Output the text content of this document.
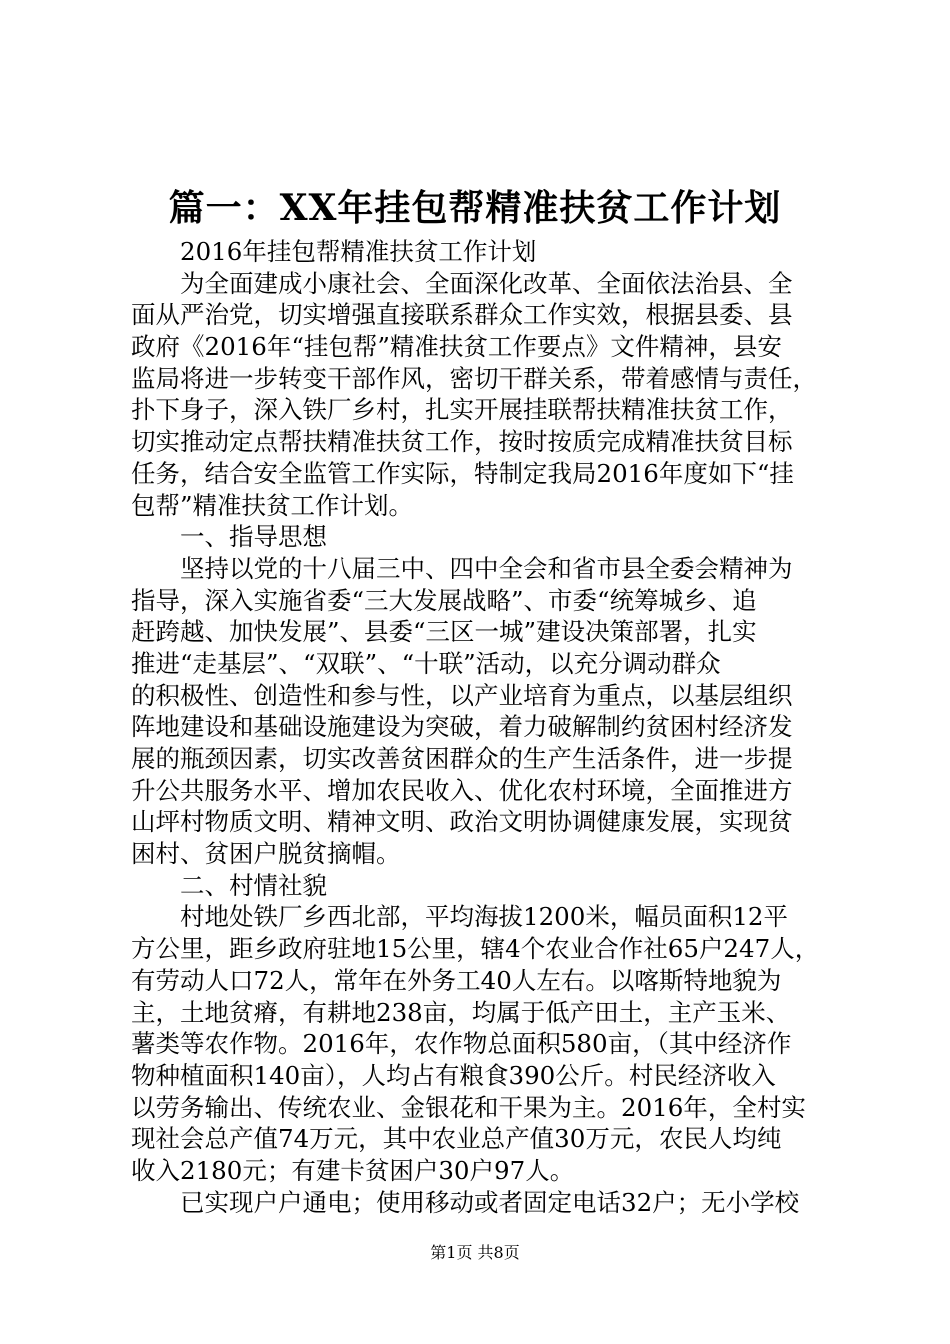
篇一：XX年挂包帮精准扶贫工作计划
2016年挂包帮精准扶贫工作计划
为全面建成小康社会、全面深化改革、全面依法治县、全
面从严治党，切实增强直接联系群众工作实效，根据县委、县
政府《2016年“挂包帮”精准扶贫工作要点》文件精神，县安
监局将进一步转变干部作风，密切干群关系，带着感情与责任，
扑下身子，深入铁厂乡村，扎实开展挂联帮扶精准扶贫工作，
切实推动定点帮扶精准扶贫工作，按时按质完成精准扶贫目标
任务，结合安全监管工作实际，特制定我局2016年度如下“挂
包帮”精准扶贫工作计划。
一、指导思想
坚持以党的十八届三中、四中全会和省市县全委会精神为
指导，深入实施省委“三大发展战略”、市委“统筹城乡、追
赶跨越、加快发展”、县委“三区一城”建设决策部署，扎实
推进“走基层”、“双联”、“十联”活动，以充分调动群众
的积极性、创造性和参与性，以产业培育为重点，以基层组织
阵地建设和基础设施建设为突破，着力破解制约贫困村经济发
展的瓶颈因素，切实改善贫困群众的生产生活条件，进一步提
升公共服务水平、增加农民收入、优化农村环境，全面推进方
山坪村物质文明、精神文明、政治文明协调健康发展，实现贫
困村、贫困户脱贫摘帽。
二、村情社貌
村地处铁厂乡西北部，平均海拔1200米，幅员面积12平
方公里，距乡政府驻地15公里，辖4个农业合作社65户247人，
有劳动人口72人，常年在外务工40人左右。以喀斯特地貌为
主，土地贫瘠，有耕地238亩，均属于低产田土，主产玉米、
薯类等农作物。2016年，农作物总面积580亩，（其中经济作
物种植面积140亩），人均占有粮食390公斤。村民经济收入
以劳务输出、传统农业、金银花和干果为主。2016年，全村实
现社会总产值74万元，其中农业总产值30万元，农民人均纯
收入2180元；有建卡贫困户30户97人。
已实现户户通电；使用移动或者固定电话32户；无小学校
第1页 共8页
